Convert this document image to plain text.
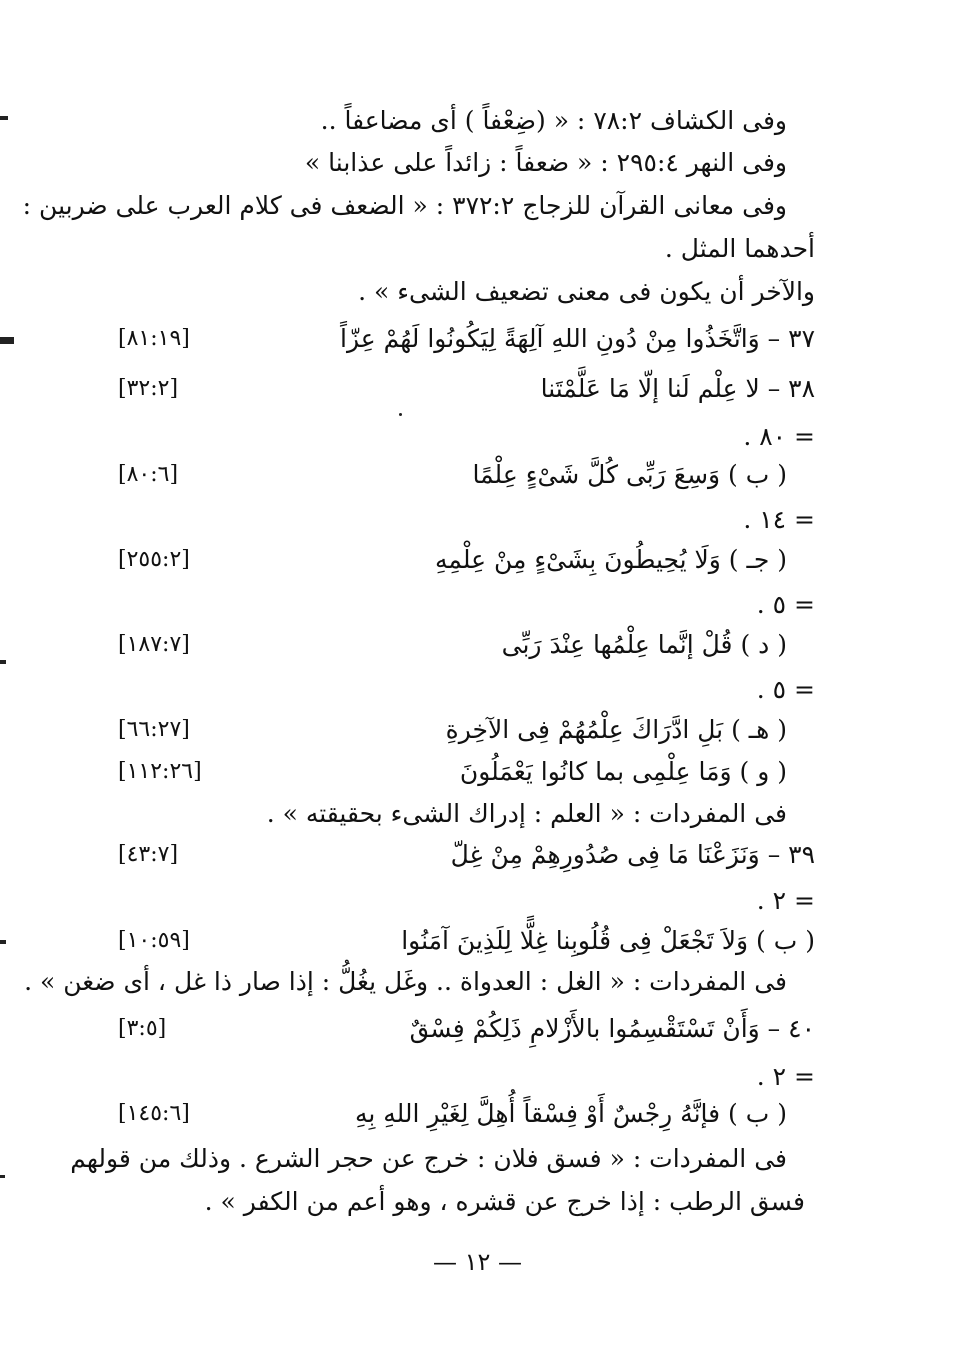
وفى الكشاف ٧٨:٢ : « (ضِعْفاً ) أى مضاعفاً ..
وفى النهر ٢٩٥:٤ : « ضعفاً : زائداً على عذابنا »
وفى معانى القرآن للزجاج ٣٧٢:٢ : « الضعف فى كلام العرب على ضربين :
أحدهما المثل .
والآخر أن يكون فى معنى تضعيف الشىء » .
٣٧ – وَاتَّخَذُوا مِنْ دُونِ اللهِ آلِهَةً لِيَكُونُوا لَهُمْ عِزّاً
٣٨ – لا عِلْم لَنا إلّا مَا عَلَّمْتَنا
= ٨٠ .
( ب ) وَسِعَ رَبِّى كُلَّ شَىْءٍ عِلْمًا
= ١٤ .
( جـ ) وَلَا يُحِيطُونَ بِشَىْءٍ مِنْ عِلْمِهِ
= ٥ .
( د ) قُلْ إنَّما عِلْمُها عِنْدَ رَبِّى
= ٥ .
( هـ ) بَلِ ادَّرَاكَ عِلْمُهُمْ فِى الآخِرةِ
( و ) وَمَا عِلْمِى بما كانُوا يَعْمَلُونَ
فى المفردات : « العلم : إدراك الشىء بحقيقته » .
٣٩ – وَنَزَعْنَا مَا فِى صُدُورِهِمْ مِنْ غِلّ
= ٢ .
( ب ) وَلاَ تَجْعَلْ فِى قُلُوبِنا غِلًّا لِلَذِينَ آمَنُوا
فى المفردات : « الغل : العدواة .. وغَل يغُلُّ : إذا صار ذا غل ، أى ضغن » .
٤٠ – وَأَنْ تَسْتَقْسِمُوا بالأَزْلامِ ذَلِكُمْ فِسْقٌ
= ٢ .
( ب ) فإنَّهُ رِجْسٌ أَوْ فِسْقاً أُهِلَّ لِغَيْرِ اللهِ بِهِ
فى المفردات : « فسق فلان : خرج عن حجر الشرع . وذلك من قولهم
فسق الرطب : إذا خرج عن قشره ، وهو أعم من الكفر » .
[٨١:١٩]
[٣٢:٢]
[٨٠:٦]
[٢٥٥:٢]
[١٨٧:٧]
[٦٦:٢٧]
[١١٢:٢٦]
[٤٣:٧]
[١٠:٥٩]
[٣:٥]
[١٤٥:٦]
— ١٢ —
